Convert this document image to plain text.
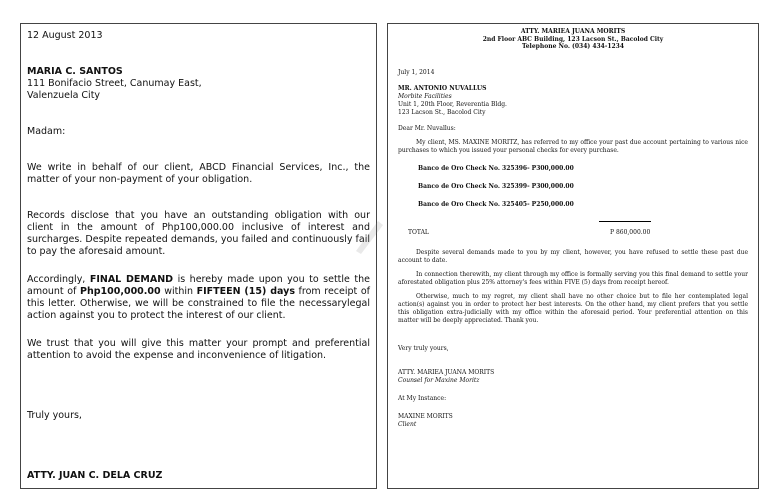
12 August 2013

MARIA C. SANTOS

111 Bonifacio Street, Canumay East,

Valenzuela City

Madam:

We write in behalf of our client, ABCD Financial Services, Inc., the matter of your non-payment of your obligation.

Records disclose that you have an outstanding obligation with our client in the amount of Php100,000.00 inclusive of interest and surcharges. Despite repeated demands, you failed and continuously fail to pay the aforesaid amount.

Accordingly, FINAL DEMAND is hereby made upon you to settle the amount of Php100,000.00 within FIFTEEN (15) days from receipt of this letter. Otherwise, we will be constrained to file the necessarylegal action against you to protect the interest of our client.

We trust that you will give this matter your prompt and preferential attention to avoid the expense and inconvenience of litigation.

Truly yours,

ATTY. JUAN C. DELA CRUZ

ATTY. MARIEA JUANA MORITS

2nd Floor ABC Building, 123 Lacson St., Bacolod City

Telephone No. (034) 434-1234

July 1, 2014

MR. ANTONIO NUVALLUS

Morbite Facilities

Unit 1, 20th Floor, Reverentia Bldg.

123 Lacson St., Bacolod City

Dear Mr. Nuvallus:

My client, MS. MAXINE MORITZ, has referred to my office your past due account pertaining to various nice purchases to which you issued your personal checks for every purchase.

Banco de Oro Check No. 325396- P300,000.00

Banco de Oro Check No. 325399- P300,000.00

Banco de Oro Check No. 325405- P250,000.00

TOTAL	P 860,000.00

Despite several demands made to you by my client, however, you have refused to settle these past due account to date.

In connection therewith, my client through my office is formally serving you this final demand to settle your aforestated obligation plus 25% attorney's fees within FIVE (5) days from receipt hereof.

Otherwise, much to my regret, my client shall have no other choice but to file her contemplated legal action(s) against you in order to protect her best interests. On the other hand, my client prefers that you settle this obligation extra-judicially with my office within the aforesaid period. Your preferential attention on this matter will be deeply appreciated. Thank you.

Very truly yours,

ATTY. MARIEA JUANA MORITS

Counsel for Maxine Moritz

At My Instance:

MAXINE MORITS

Client
